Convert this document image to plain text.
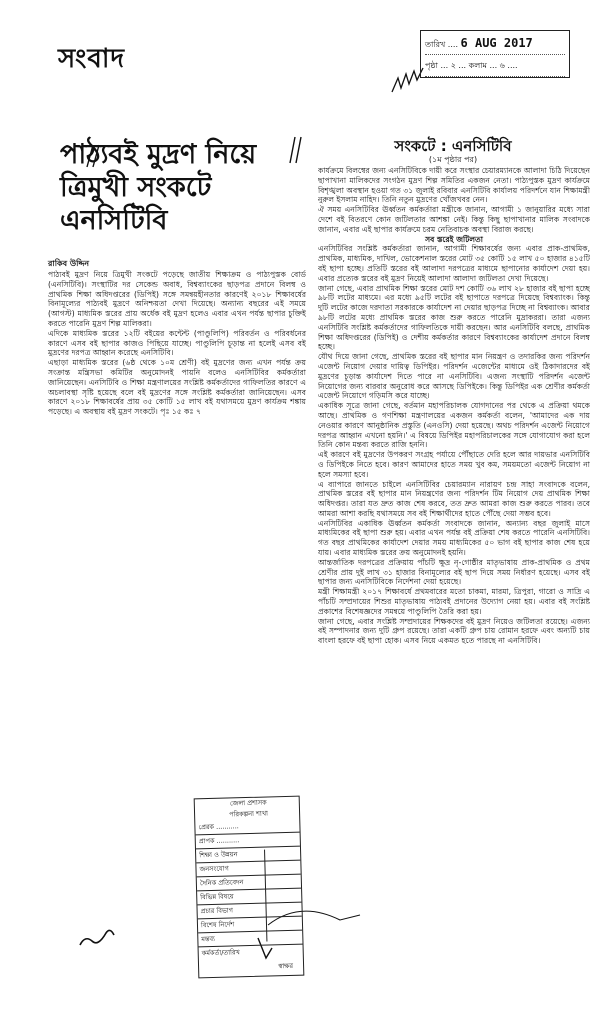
সংবাদ	তারিখ .... 6 AUG 2017
পৃষ্ঠা ... ২ ... কলাম ... ৬ ....
পাঠ্যবই মুদ্রণ নিয়ে
ত্রিমুখী সংকটে
এনসিটিবি
রাকিব উদ্দিন

পাঠ্যবই মুদ্রণ নিয়ে ত্রিমুখী সংকটে পড়েছে জাতীয় শিক্ষাক্রম ও পাঠ্যপুস্তক বোর্ড (এনসিটিবি)। সংস্থাটির দর সেকেন্ড অবাধ, বিশ্বব্যাংকের ছাড়পত্র প্রদানে বিলম্ব ও প্রাথমিক শিক্ষা অধিদপ্তরের (ডিপিই) সঙ্গে সমন্বয়হীনতার কারণেই ২০১৮ শিক্ষাবর্ষের বিনামূল্যের পাঠ্যবই মুদ্রণে অনিশ্চয়তা দেখা দিয়েছে। অন্যান্য বছরের এই সময়ে (আগস্ট) মাধ্যমিক স্তরের প্রায় অর্ধেক বই মুদ্রণ হলেও এবার এখন পর্যন্ত ছাপার চুক্তিই করতে পারেনি মুদ্রণ শিল্প মালিকরা।

এদিকে মাধ্যমিক স্তরের ১২টি বইয়ের কন্টেন্ট (পাণ্ডুলিপি) পরিবর্তন ও পরিবর্ধনের কারণে এসব বই ছাপার কাজও পিছিয়ে যাচ্ছে। পাণ্ডুলিপি চূড়ান্ত না হলেই এসব বই মুদ্রণের দরপত্র আহ্বান করেছে এনসিটিবি।

এছাড়া মাধ্যমিক স্তরের (৬ষ্ঠ থেকে ১০ম শ্রেণী) বই মুদ্রণের জন্য এখন পর্যন্ত ক্রয় সংক্রান্ত মন্ত্রিসভা কমিটির অনুমোদনই পায়নি বলেও এনসিটিবির কর্মকর্তারা জানিয়েছেন। এনসিটিবি ও শিক্ষা মন্ত্রণালয়ের সংশ্লিষ্ট কর্মকর্তাদের গাফিলতির কারণে এ অচলাবস্থা সৃষ্টি হয়েছে বলে বই মুদ্রণের সঙ্গে সংশ্লিষ্ট কর্মকর্তারা জানিয়েছেন। এসব কারণে ২০১৮ শিক্ষাবর্ষের প্রায় ৩৫ কোটি ১৫ লাখ বই যথাসময়ে মুদ্রণ কার্যক্রম শঙ্কায় পড়েছে। এ অবস্থায় বই মুদ্রণ সংকটে। পৃঃ ১৫ কঃ ৭

সংকটে : এনসিটিবি
(১ম পৃষ্ঠার পর)

কার্যক্রমে বিলম্বের জন্য এনসিটিবিকে দায়ী করে সংস্থার চেয়ারম্যানকে আলাদা চিঠি দিয়েছেন ছাপাখানা মালিকদের সংগঠন মুদ্রণ শিল্প সমিতির একজন নেতা। পাঠ্যপুস্তক মুদ্রণ কার্যক্রমে বিশৃঙ্খলা অবস্থান হওয়া গত ৩১ জুলাই রবিবার এনসিটিবি কার্যালয় পরিদর্শনে যান শিক্ষামন্ত্রী নুরুল ইসলাম নাহিদ। তিনি নতুন মুদ্রণের খোঁজখবর নেন।

ঐ সময় এনসিটিবির ঊর্ধ্বতন কর্মকর্তারা মন্ত্রীকে জানান, আগামী ১ জানুয়ারির মধ্যে সারা দেশে বই বিতরণে কোন জটিলতার আশঙ্কা নেই। কিন্তু কিছু ছাপাখানার মালিক সংবাদকে জানান, এবার এই ছাপার কার্যক্রমে চরম নেতিবাচক অবস্থা বিরাজ করছে।

সব স্তরেই জটিলতা

এনসিটিবির সংশ্লিষ্ট কর্মকর্তারা জানান, আগামী শিক্ষাবর্ষের জন্য এবার প্রাক-প্রাথমিক, প্রাথমিক, মাধ্যমিক, দাখিল, ভোকেশনাল স্তরের মোট ৩৫ কোটি ১৫ লাখ ৫০ হাজার ৪১৫টি বই ছাপা হচ্ছে। প্রতিটি স্তরের বই আলাদা দরপত্রের মাধ্যমে ছাপানোর কার্যাদেশ দেয়া হয়। এবার প্রত্যেক স্তরের বই মুদ্রণ নিয়েই আলাদা আলাদা জটিলতা দেখা দিয়েছে।

জানা গেছে, এবার প্রাথমিক শিক্ষা স্তরের মোট দশ কোটি ৩৬ লাখ ২৮ হাজার বই ছাপা হচ্ছে ৯৮টি লটের মাধ্যমে। এর মধ্যে ৯৫টি লটের বই ছাপাতে দরপত্রে দিয়েছে বিশ্বব্যাংক। কিন্তু দুটি লটের কাজে দরদাতা সরকারকে কার্যাদেশ না দেয়ার ছাড়পত্র দিচ্ছে না বিশ্বব্যাংক। আবার ৯৮টি লটের মধ্যে প্রাথমিক স্তরের কাজ শুরু করতে পারেনি মুদ্রাকররা। তারা এজন্য এনসিটিবি সংশ্লিষ্ট কর্মকর্তাদের গাফিলতিকে দায়ী করছেন। আর এনসিটিবি বলছে, প্রাথমিক শিক্ষা অধিদপ্তরের (ডিপিই) ও দেশীয় কর্মকর্তার কারণে বিশ্বব্যাংকের কার্যাদেশ প্রদানে বিলম্ব হচ্ছে।

যৌথ দিয়ে জানা গেছে, প্রাথমিক স্তরের বই ছাপার মান নিয়ন্ত্রণ ও তদারকির জন্য পরিদর্শন এজেন্ট নিয়োগ দেয়ার দায়িত্ব ডিপিইর। পরিদর্শন এজেন্টের মাধ্যমে ওই ঠিকাদারদের বই মুদ্রণের চূড়ান্ত কার্যাদেশ দিতে পারে না এনসিটিবি। এজন্য সংস্থাটি পরিদর্শন এজেন্ট নিয়োগের জন্য বারবার অনুরোধ করে আসছে ডিপিইকে। কিন্তু ডিপিইর এক শ্রেণীর কর্মকর্তা এজেন্ট নিয়োগে গড়িমসি করে যাচ্ছে।

একাধিক সূত্রে জানা গেছে, বর্তমান মহাপরিচালক যোগদানের পর থেকে এ প্রক্রিয়া থমকে আছে। প্রাথমিক ও গণশিক্ষা মন্ত্রণালয়ের একজন কর্মকর্তা বলেন, 'আমাদের এক দায় নেওয়ার কারণে আনুষ্ঠানিক প্রস্তুতি (এনওসি) দেয়া হয়েছে। অথচ পরিদর্শন এজেন্ট নিয়োগে দরপত্র আহ্বান এখনো হয়নি।' এ বিষয়ে ডিপিইর মহাপরিচালকের সঙ্গে যোগাযোগ করা হলে তিনি কোন মন্তব্য করতে রাজি হননি।

এই কারণে বই মুদ্রণের উপকরণ সংগ্রহ পর্যায়ে পৌঁছাতে দেরি হলে আর দায়ভার এনসিটিবি ও ডিপিইকে নিতে হবে। কারণ আমাদের হাতে সময় খুব কম, সময়মতো এজেন্ট নিয়োগ না হলে সমস্যা হবে।

এ ব্যাপারে জানতে চাইলে এনসিটিবির চেয়ারম্যান নারায়ণ চন্দ্র সাহা সংবাদকে বলেন, প্রাথমিক স্তরের বই ছাপার মান নিয়ন্ত্রণের জন্য পরিদর্শন টিম নিয়োগ দেয় প্রাথমিক শিক্ষা অধিদপ্তর। তারা যত দ্রুত কাজ শেষ করবে, তত দ্রুত আমরা কাজ শুরু করতে পারব। তবে আমরা আশা করছি যথাসময়ে সব বই শিক্ষার্থীদের হাতে পৌঁছে দেয়া সম্ভব হবে।

এনসিটিবির একাধিক ঊর্ধ্বতন কর্মকর্তা সংবাদকে জানান, অন্যান্য বছর জুলাই মাসে মাধ্যমিকের বই ছাপা শুরু হয়। এবার এখন পর্যন্ত বই প্রক্রিয়া শেষ করতে পারেনি এনসিটিবি। গত বছর প্রাথমিকের কার্যাদেশ দেয়ার সময় মাধ্যমিকের ৫০ ভাগ বই ছাপার কাজ শেষ হয়ে যায়। এবার মাধ্যমিক স্তরের ক্রয় অনুমোদনই হয়নি।

আন্তর্জাতিক দরপত্রের প্রক্রিয়ায় পাঁচটি ক্ষুদ্র নৃ-গোষ্ঠীর মাতৃভাষায় প্রাক-প্রাথমিক ও প্রথম শ্রেণীর প্রায় দুই লাখ ৩১ হাজার বিনামূল্যের বই ছাপ দিয়ে সময় নির্ধারণ হয়েছে। এসব বই ছাপার জন্য এনসিটিবিকে নির্দেশনা দেয়া হয়েছে।

মন্ত্রী শিক্ষামন্ত্রী ২০১৭ শিক্ষাবর্ষে প্রথমবারের মতো চাকমা, মারমা, ত্রিপুরা, গারো ও সাদ্রি এ পাঁচটি সম্প্রদায়ের শিশুর মাতৃভাষায় পাঠ্যবই প্রদানের উদ্যোগ নেয়া হয়। এবার বই সংশ্লিষ্ট প্রকাশের বিশেষজ্ঞদের সমন্বয়ে পাণ্ডুলিপি তৈরি করা হয়।

জানা গেছে, এবার সংশ্লিষ্ট সম্প্রদায়ের শিক্ষকদের বই মুদ্রণ নিয়েও জটিলতা রয়েছে। এজন্য বই সম্পাদনার জন্য দুটি গ্রুপ রয়েছে। তারা একটি গ্রুপ চায় রোমান হরফে এবং অন্যটি চায় বাংলা হরফে বই ছাপা হোক। এসব নিয়ে একমত হতে পারছে না এনসিটিবি।

জেলা প্রশাসক
পরিকল্পনা শাখা
প্রেরক ...........
প্রাপক ...........
শিক্ষা ও উন্নয়ন
জনসংযোগ
দৈনিক প্রতিবেদন
বিভিন্ন বিষয়ে
প্রচার বিভাগ
বিশেষ নির্দেশ
মন্তব্য
কর্মকর্তা/তারিখ
স্বাক্ষর
